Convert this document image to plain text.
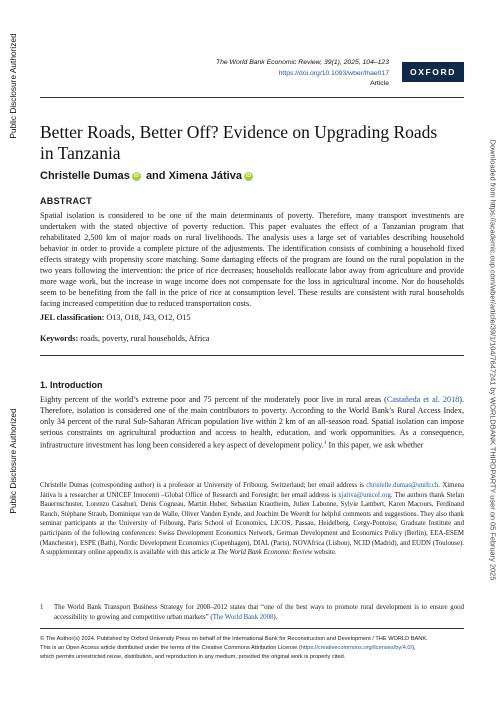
Public Disclosure Authorized
Public Disclosure Authorized	Downloaded from https://academic.oup.com/wber/article/39/1/104/7647241 by WORLDBANK THIRDPARTY user on 05 February 2025
The World Bank Economic Review, 39(1), 2025, 104–123
https://doi.org/10.1093/wber/lhae017
Article
OXFORD
Better Roads, Better Off? Evidence on Upgrading Roads in Tanzania
Christelle Dumas iD and Ximena Játiva iD
ABSTRACT

Spatial isolation is considered to be one of the main determinants of poverty. Therefore, many transport investments are undertaken with the stated objective of poverty reduction. This paper evaluates the effect of a Tanzanian program that rehabilitated 2,500 km of major roads on rural livelihoods. The analysis uses a large set of variables describing household behavior in order to provide a complete picture of the adjustments. The identification consists of combining a household fixed effects strategy with propensity score matching. Some damaging effects of the program are found on the rural population in the two years following the intervention: the price of rice decreases; households reallocate labor away from agriculture and provide more wage work, but the increase in wage income does not compensate for the loss in agricultural income. Nor do households seem to be benefiting from the fall in the price of rice at consumption level. These results are consistent with rural households facing increased competition due to reduced transportation costs.

JEL classification: O13, O18, J43, O12, O15
Keywords: roads, poverty, rural households, Africa
1. Introduction

Eighty percent of the world’s extreme poor and 75 percent of the moderately poor live in rural areas (Castañeda et al. 2018). Therefore, isolation is considered one of the main contributors to poverty. According to the World Bank’s Rural Access Index, only 34 percent of the rural Sub-Saharan African population live within 2 km of an all-season road. Spatial isolation can impose serious constraints on agricultural production and access to health, education, and work opportunities. As a consequence, infrastructure investment has long been considered a key aspect of development policy.$^1$ In this paper, we ask whether

Christelle Dumas (corresponding author) is a professor at University of Fribourg, Switzerland; her email address is christelle.dumas@unifr.ch. Ximena Játiva is a researcher at UNICEF Innocenti –Global Office of Research and Foresight; her email address is xjativa@unicef.org. The authors thank Stefan Bauernschuster, Lorenzo Casaburi, Denis Cogneau, Martin Huber, Sebastian Krautheim, Julien Labonne, Sylvie Lambert, Karen Macours, Ferdinand Rauch, Stéphane Straub, Dominique van de Walle, Oliver Vanden Eynde, and Joachim De Weerdt for helpful comments and suggestions. They also thank seminar participants at the University of Fribourg, Paris School of Economics, LICOS, Passau, Heidelberg, Cergy-Pontoise, Graduate Institute and participants of the following conferences: Swiss Development Economics Network, German Development and Economics Policy (Berlin), EEA-ESEM (Manchester), ESPE (Bath), Nordic Development Economics (Copenhagen), DIAL (Paris), NOVAfrica (Lisbon), NCID (Madrid), and EUDN (Toulouse). A supplementary online appendix is available with this article at The World Bank Economic Review website.

1	The World Bank Transport Business Strategy for 2008–2012 states that “one of the best ways to promote rural development is to ensure good accessibility to growing and competitive urban markets” (The World Bank 2008).

© The Author(s) 2024. Published by Oxford University Press on behalf of the International Bank for Reconstruction and Development / THE WORLD BANK.
This is an Open Access article distributed under the terms of the Creative Commons Attribution License (https://creativecommons.org/licenses/by/4.0/),
which permits unrestricted reuse, distribution, and reproduction in any medium, provided the original work is properly cited.
